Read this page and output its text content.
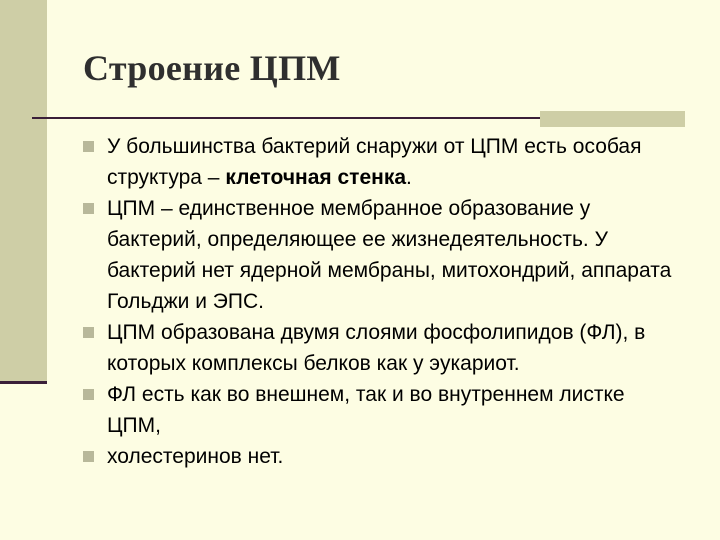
Строение ЦПМ
У большинства бактерий снаружи от ЦПМ есть особая структура – клеточная стенка.
ЦПМ – единственное мембранное образование у бактерий, определяющее ее жизнедеятельность. У бактерий нет ядерной мембраны, митохондрий, аппарата Гольджи и ЭПС.
ЦПМ образована двумя слоями фосфолипидов (ФЛ), в которых комплексы белков как у эукариот.
ФЛ есть как во внешнем, так и во внутреннем листке ЦПМ,
холестеринов нет.
